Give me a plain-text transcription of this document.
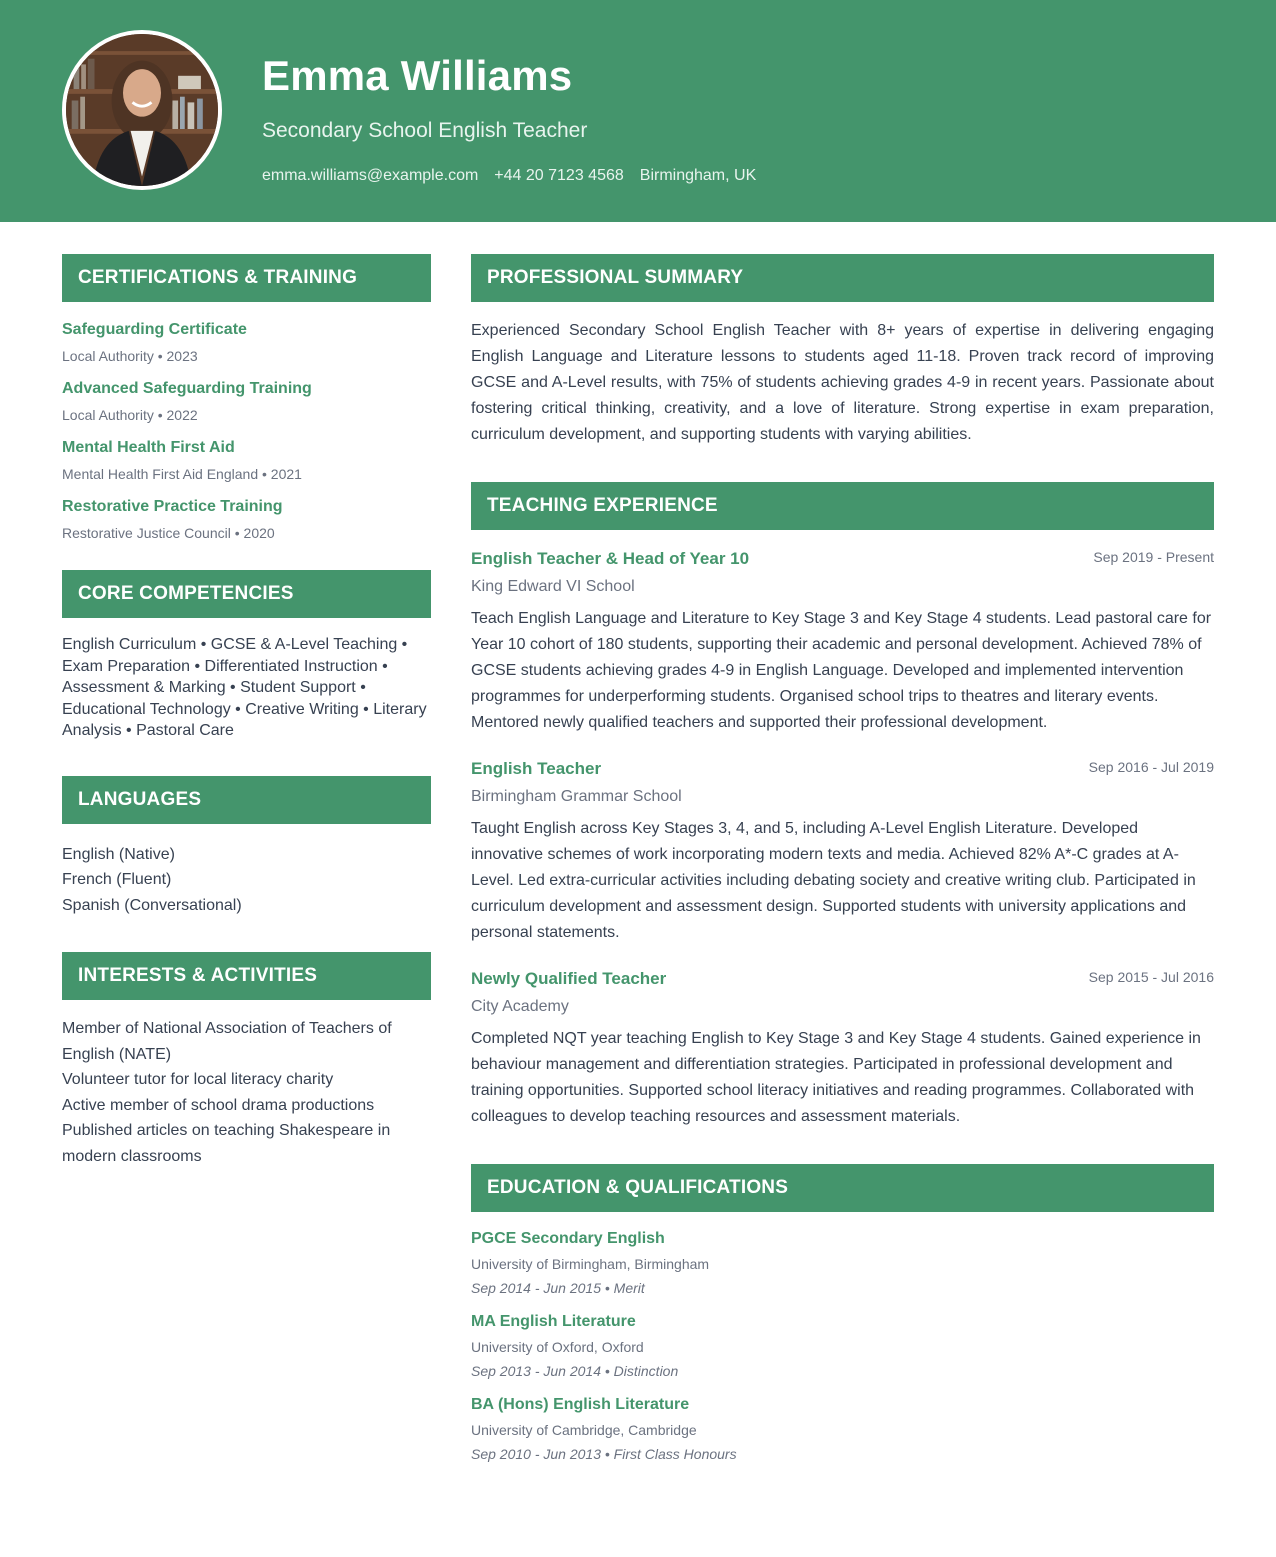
Emma Williams
Secondary School English Teacher
emma.williams@example.com +44 20 7123 4568 Birmingham, UK
CERTIFICATIONS & TRAINING
Safeguarding Certificate
Local Authority • 2023
Advanced Safeguarding Training
Local Authority • 2022
Mental Health First Aid
Mental Health First Aid England • 2021
Restorative Practice Training
Restorative Justice Council • 2020
CORE COMPETENCIES
English Curriculum • GCSE & A-Level Teaching • Exam Preparation • Differentiated Instruction • Assessment & Marking • Student Support • Educational Technology • Creative Writing • Literary Analysis • Pastoral Care
LANGUAGES
English (Native)
French (Fluent)
Spanish (Conversational)
INTERESTS & ACTIVITIES
Member of National Association of Teachers of English (NATE)
Volunteer tutor for local literacy charity
Active member of school drama productions
Published articles on teaching Shakespeare in modern classrooms
PROFESSIONAL SUMMARY

Experienced Secondary School English Teacher with 8+ years of expertise in delivering engaging English Language and Literature lessons to students aged 11-18. Proven track record of improving GCSE and A-Level results, with 75% of students achieving grades 4-9 in recent years. Passionate about fostering critical thinking, creativity, and a love of literature. Strong expertise in exam preparation, curriculum development, and supporting students with varying abilities.

TEACHING EXPERIENCE
English Teacher & Head of Year 10	Sep 2019 - Present
King Edward VI School

Teach English Language and Literature to Key Stage 3 and Key Stage 4 students. Lead pastoral care for Year 10 cohort of 180 students, supporting their academic and personal development. Achieved 78% of GCSE students achieving grades 4-9 in English Language. Developed and implemented intervention programmes for underperforming students. Organised school trips to theatres and literary events. Mentored newly qualified teachers and supported their professional development.

English Teacher	Sep 2016 - Jul 2019
Birmingham Grammar School

Taught English across Key Stages 3, 4, and 5, including A-Level English Literature. Developed innovative schemes of work incorporating modern texts and media. Achieved 82% A*-C grades at A-Level. Led extra-curricular activities including debating society and creative writing club. Participated in curriculum development and assessment design. Supported students with university applications and personal statements.

Newly Qualified Teacher	Sep 2015 - Jul 2016
City Academy

Completed NQT year teaching English to Key Stage 3 and Key Stage 4 students. Gained experience in behaviour management and differentiation strategies. Participated in professional development and training opportunities. Supported school literacy initiatives and reading programmes. Collaborated with colleagues to develop teaching resources and assessment materials.

EDUCATION & QUALIFICATIONS
PGCE Secondary English
University of Birmingham, Birmingham
Sep 2014 - Jun 2015 • Merit
MA English Literature
University of Oxford, Oxford
Sep 2013 - Jun 2014 • Distinction
BA (Hons) English Literature
University of Cambridge, Cambridge
Sep 2010 - Jun 2013 • First Class Honours
